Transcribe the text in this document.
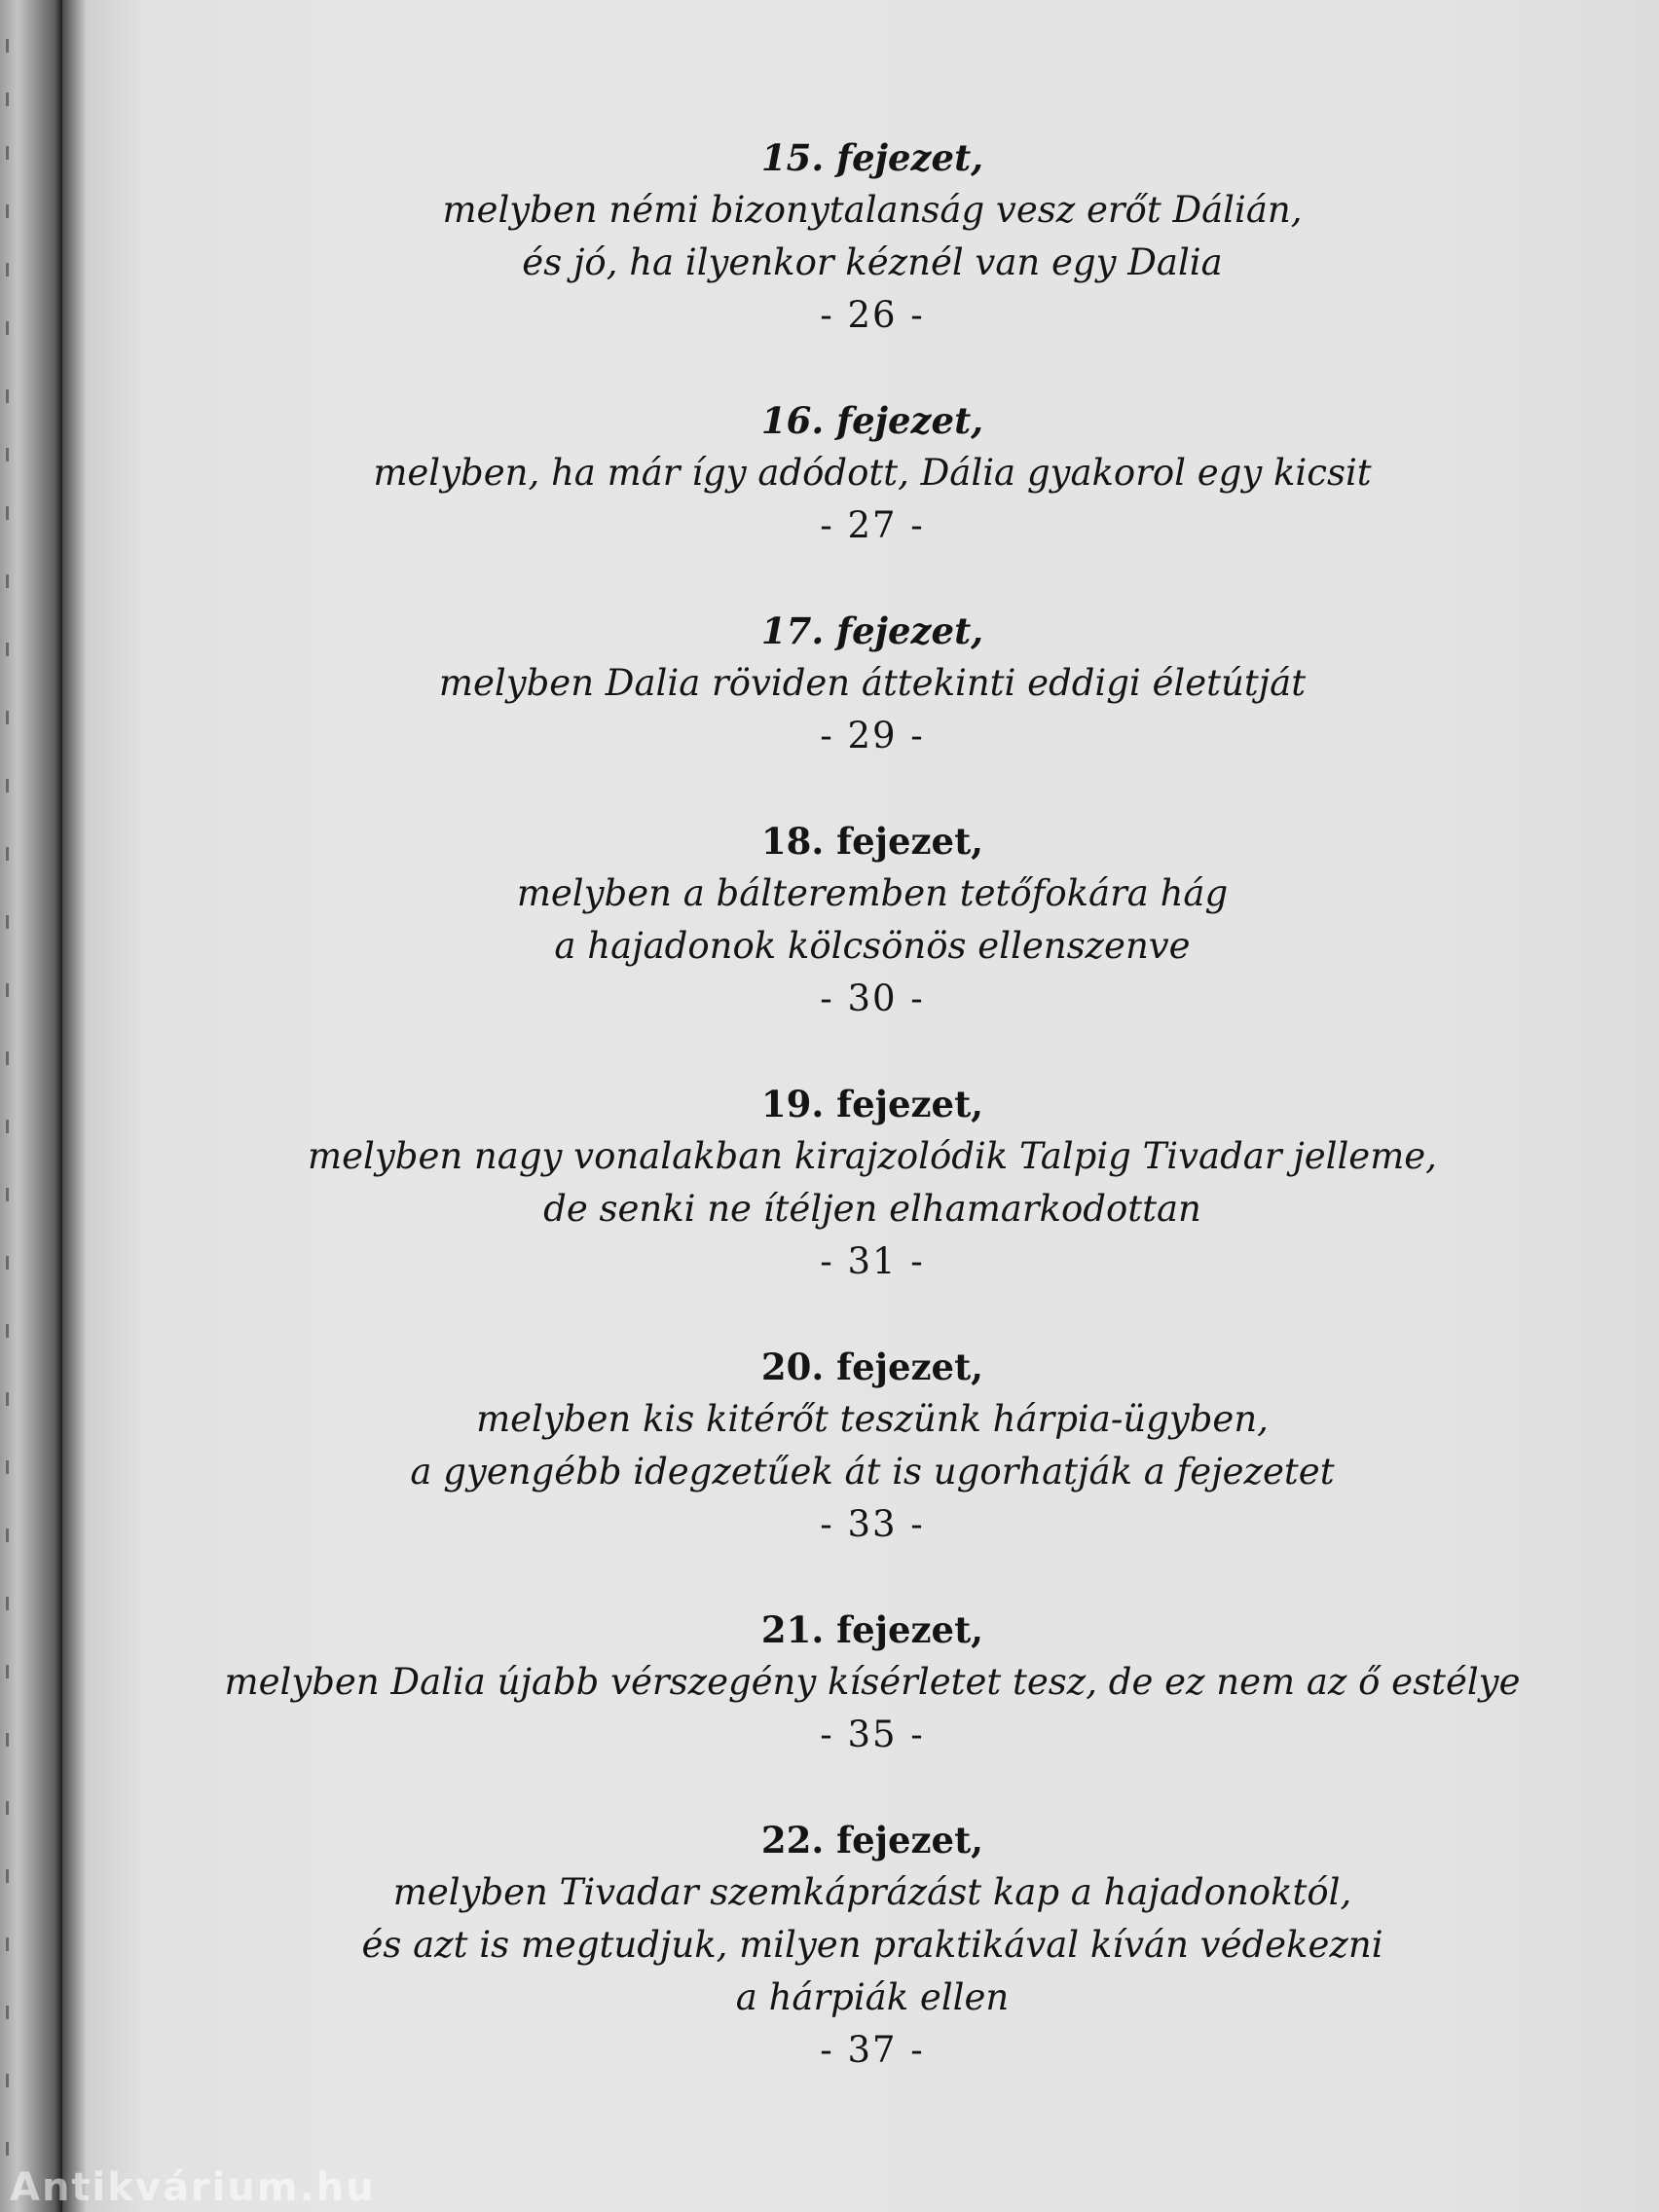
15. fejezet,
melyben némi bizonytalanság vesz erőt Dálián,
és jó, ha ilyenkor kéznél van egy Dalia
- 26 -
16. fejezet,
melyben, ha már így adódott, Dália gyakorol egy kicsit
- 27 -
17. fejezet,
melyben Dalia röviden áttekinti eddigi életútját
- 29 -
18. fejezet,
melyben a bálteremben tetőfokára hág
a hajadonok kölcsönös ellenszenve
- 30 -
19. fejezet,
melyben nagy vonalakban kirajzolódik Talpig Tivadar jelleme,
de senki ne ítéljen elhamarkodottan
- 31 -
20. fejezet,
melyben kis kitérőt teszünk hárpia-ügyben,
a gyengébb idegzetűek át is ugorhatják a fejezetet
- 33 -
21. fejezet,
melyben Dalia újabb vérszegény kísérletet tesz, de ez nem az ő estélye
- 35 -
22. fejezet,
melyben Tivadar szemkáprázást kap a hajadonoktól,
és azt is megtudjuk, milyen praktikával kíván védekezni
a hárpiák ellen
- 37 -
Antikvárium.hu
